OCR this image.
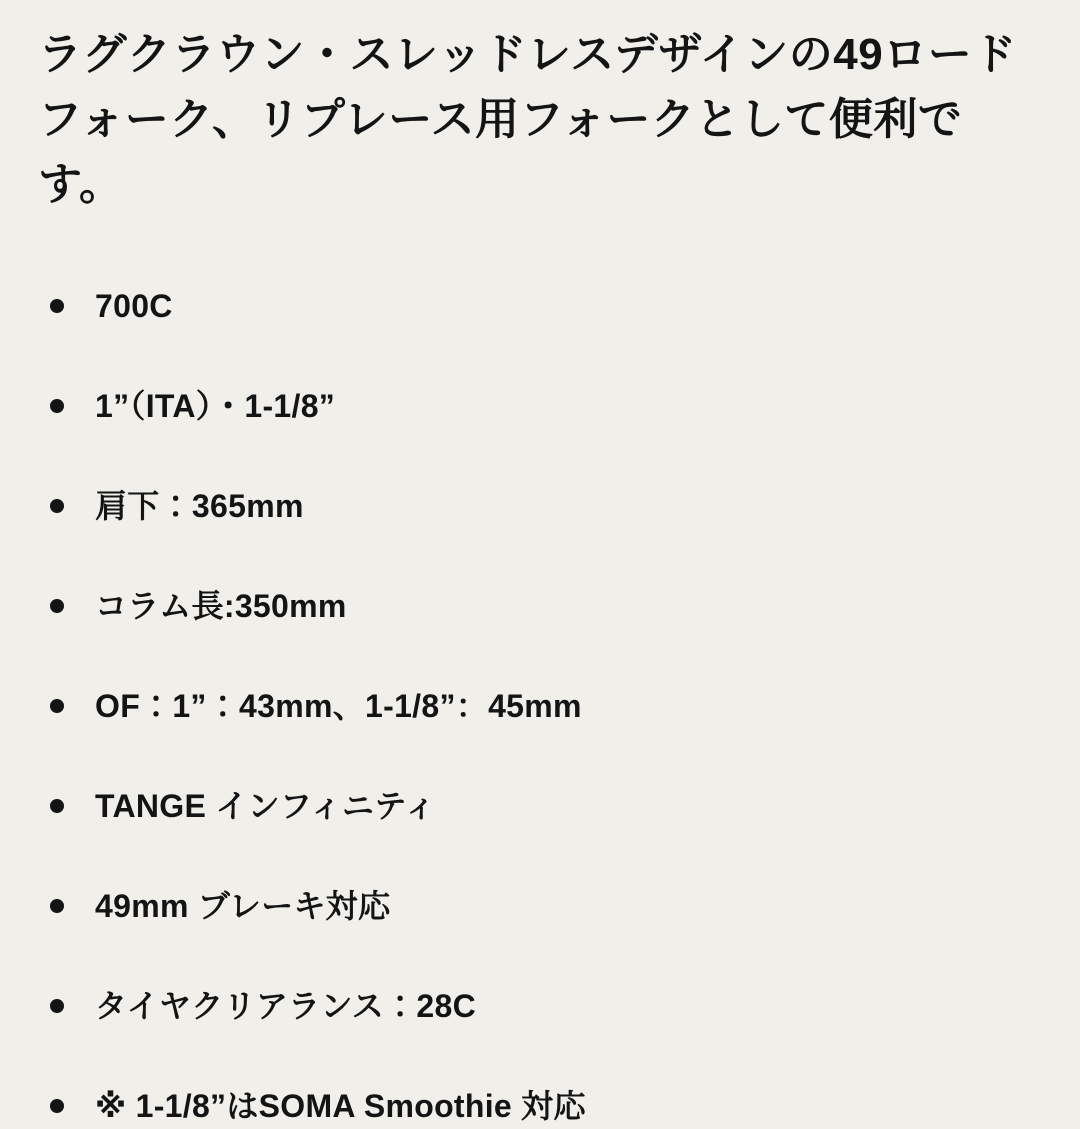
ラグクラウン・スレッドレスデザインの49ロードフォーク、リプレース用フォークとして便利です。

700C
1”（ITA）・1-1/8”
肩下：365mm
コラム長:350mm
OF：1”：43mm、1-1/8”：45mm
TANGE インフィニティ
49mm ブレーキ対応
タイヤクリアランス：28C
※ 1-1/8”はSOMA Smoothie 対応
